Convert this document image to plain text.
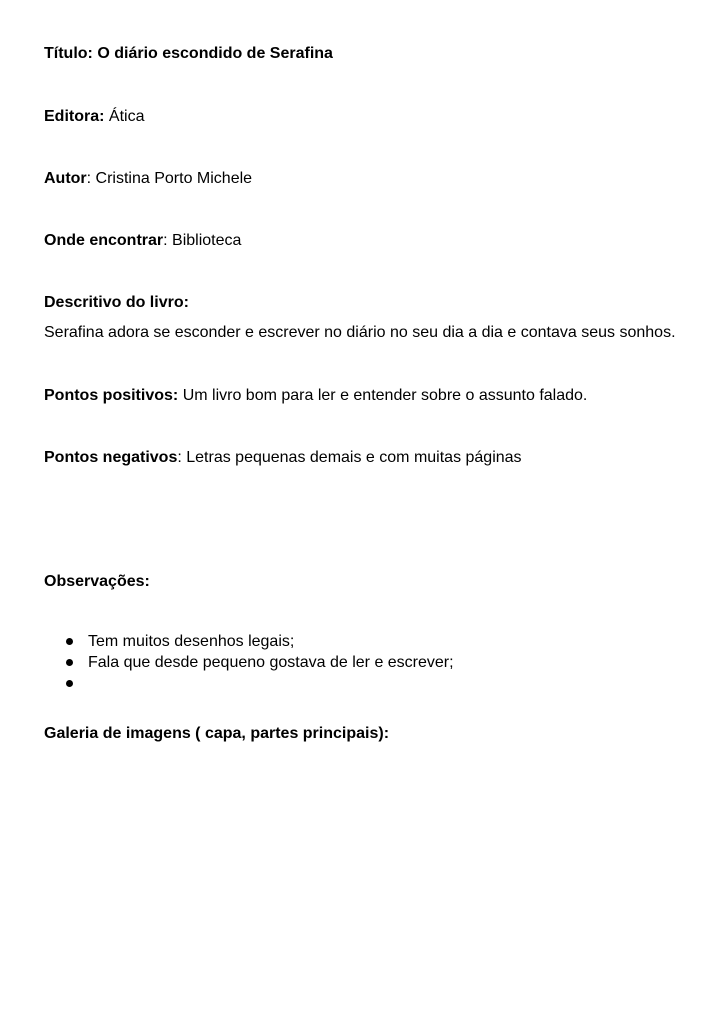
Título: O diário escondido de Serafina

Editora: Ática

Autor: Cristina Porto Michele

Onde encontrar: Biblioteca

Descritivo do livro:

Serafina adora se esconder e escrever no diário no seu dia a dia e contava seus sonhos.

Pontos positivos: Um livro bom para ler e entender sobre o assunto falado.

Pontos negativos: Letras pequenas demais e com muitas páginas

Observações:

Tem muitos desenhos legais;
Fala que desde pequeno gostava de ler e escrever;

Galeria de imagens ( capa, partes principais):
